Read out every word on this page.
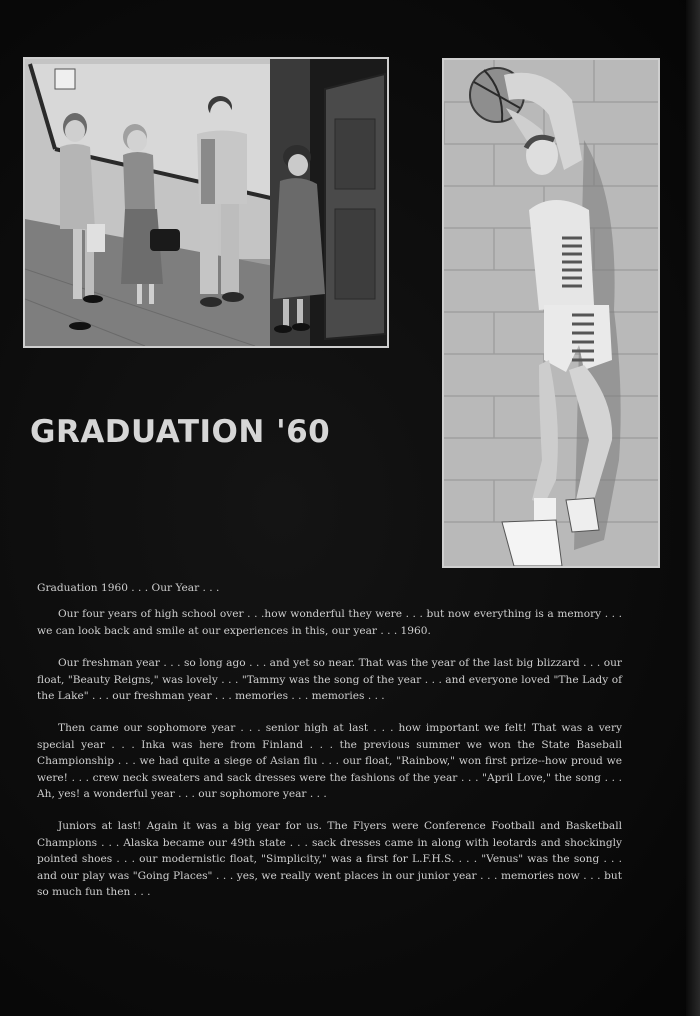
GRADUATION '60

Graduation 1960 . . . Our Year . . .

Our four years of high school over . . .how wonderful they were . . . but now everything is a memory . . . we can look back and smile at our experiences in this, our year . . . 1960.

Our freshman year . . . so long ago . . . and yet so near. That was the year of the last big blizzard . . . our float, "Beauty Reigns," was lovely . . . "Tammy was the song of the year . . . and everyone loved "The Lady of the Lake" . . . our freshman year . . . memories . . . memories . . .

Then came our sophomore year . . . senior high at last . . . how important we felt! That was a very special year . . . Inka was here from Finland . . . the previous summer we won the State Baseball Championship . . . we had quite a siege of Asian flu . . . our float, "Rainbow," won first prize--how proud we were! . . . crew neck sweaters and sack dresses were the fashions of the year . . . "April Love," the song . . . Ah, yes! a wonderful year . . . our sophomore year . . .

Juniors at last! Again it was a big year for us. The Flyers were Conference Football and Basketball Champions . . . Alaska became our 49th state . . . sack dresses came in along with leotards and shockingly pointed shoes . . . our modernistic float, "Simplicity," was a first for L.F.H.S. . . . "Venus" was the song . . . and our play was "Going Places" . . . yes, we really went places in our junior year . . . memories now . . . but so much fun then . . .
